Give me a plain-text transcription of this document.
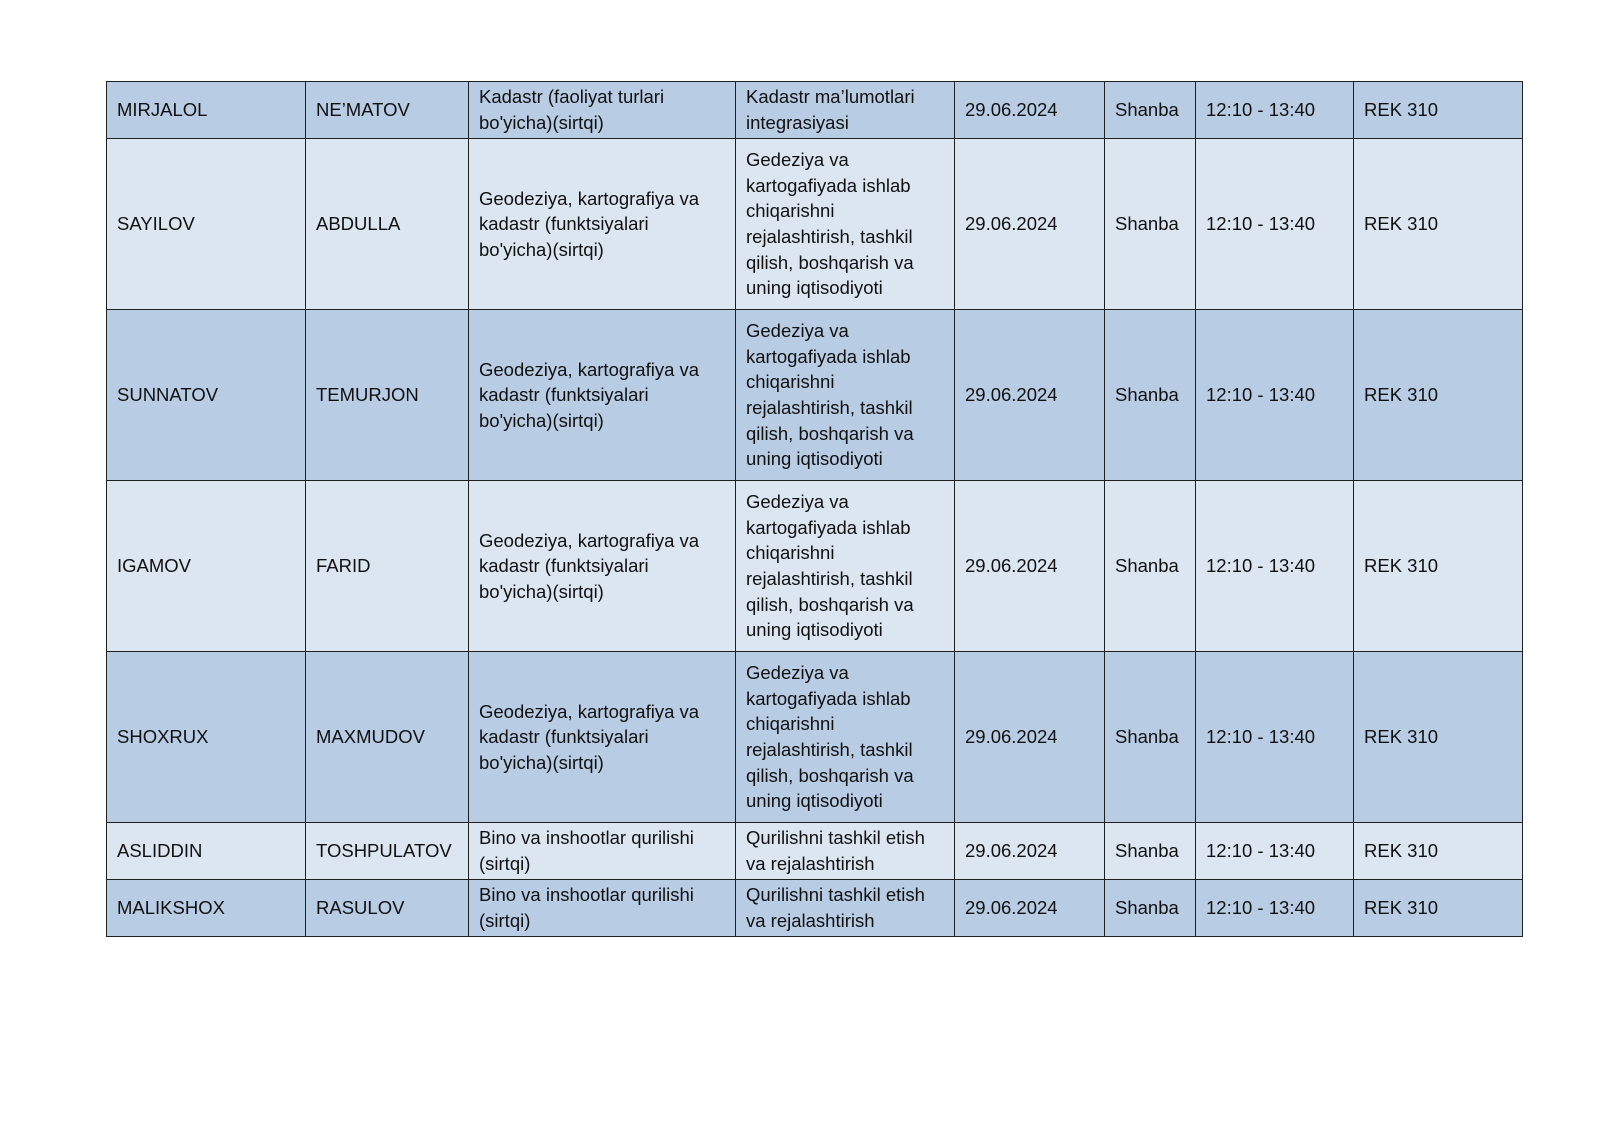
MIRJALOL	NE’MATOV	Kadastr (faoliyat turlari bo'yicha)(sirtqi)	Kadastr ma’lumotlari integrasiyasi	29.06.2024	Shanba	12:10 - 13:40	REK 310
SAYILOV	ABDULLA	Geodeziya, kartografiya va kadastr (funktsiyalari bo'yicha)(sirtqi)	Gedeziya va kartogafiyada ishlab chiqarishni rejalashtirish, tashkil qilish, boshqarish va uning iqtisodiyoti	29.06.2024	Shanba	12:10 - 13:40	REK 310
SUNNATOV	TEMURJON	Geodeziya, kartografiya va kadastr (funktsiyalari bo'yicha)(sirtqi)	Gedeziya va kartogafiyada ishlab chiqarishni rejalashtirish, tashkil qilish, boshqarish va uning iqtisodiyoti	29.06.2024	Shanba	12:10 - 13:40	REK 310
IGAMOV	FARID	Geodeziya, kartografiya va kadastr (funktsiyalari bo'yicha)(sirtqi)	Gedeziya va kartogafiyada ishlab chiqarishni rejalashtirish, tashkil qilish, boshqarish va uning iqtisodiyoti	29.06.2024	Shanba	12:10 - 13:40	REK 310
SHOXRUX	MAXMUDOV	Geodeziya, kartografiya va kadastr (funktsiyalari bo'yicha)(sirtqi)	Gedeziya va kartogafiyada ishlab chiqarishni rejalashtirish, tashkil qilish, boshqarish va uning iqtisodiyoti	29.06.2024	Shanba	12:10 - 13:40	REK 310
ASLIDDIN	TOSHPULATOV	Bino va inshootlar qurilishi (sirtqi)	Qurilishni tashkil etish va rejalashtirish	29.06.2024	Shanba	12:10 - 13:40	REK 310
MALIKSHOX	RASULOV	Bino va inshootlar qurilishi (sirtqi)	Qurilishni tashkil etish va rejalashtirish	29.06.2024	Shanba	12:10 - 13:40	REK 310
